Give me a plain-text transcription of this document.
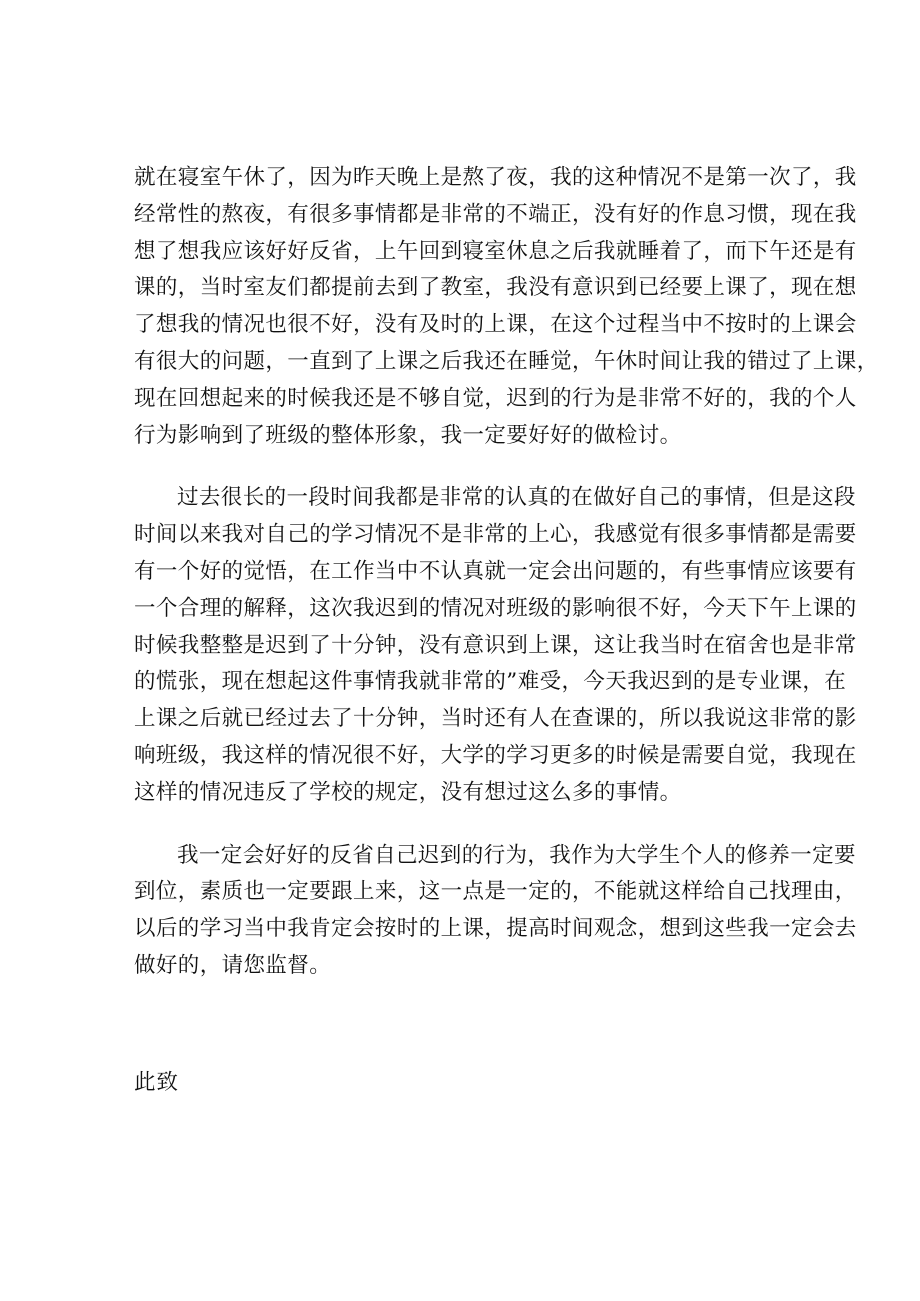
就在寝室午休了，因为昨天晚上是熬了夜，我的这种情况不是第一次了，我
经常性的熬夜，有很多事情都是非常的不端正，没有好的作息习惯，现在我
想了想我应该好好反省，上午回到寝室休息之后我就睡着了，而下午还是有
课的，当时室友们都提前去到了教室，我没有意识到已经要上课了，现在想
了想我的情况也很不好，没有及时的上课，在这个过程当中不按时的上课会
有很大的问题，一直到了上课之后我还在睡觉，午休时间让我的错过了上课，
现在回想起来的时候我还是不够自觉，迟到的行为是非常不好的，我的个人
行为影响到了班级的整体形象，我一定要好好的做检讨。
过去很长的一段时间我都是非常的认真的在做好自己的事情，但是这段
时间以来我对自己的学习情况不是非常的上心，我感觉有很多事情都是需要
有一个好的觉悟，在工作当中不认真就一定会出问题的，有些事情应该要有
一个合理的解释，这次我迟到的情况对班级的影响很不好，今天下午上课的
时候我整整是迟到了十分钟，没有意识到上课，这让我当时在宿舍也是非常
的慌张，现在想起这件事情我就非常的”难受，今天我迟到的是专业课，在
上课之后就已经过去了十分钟，当时还有人在查课的，所以我说这非常的影
响班级，我这样的情况很不好，大学的学习更多的时候是需要自觉，我现在
这样的情况违反了学校的规定，没有想过这么多的事情。
我一定会好好的反省自己迟到的行为，我作为大学生个人的修养一定要
到位，素质也一定要跟上来，这一点是一定的，不能就这样给自己找理由，
以后的学习当中我肯定会按时的上课，提高时间观念，想到这些我一定会去
做好的，请您监督。
此致
